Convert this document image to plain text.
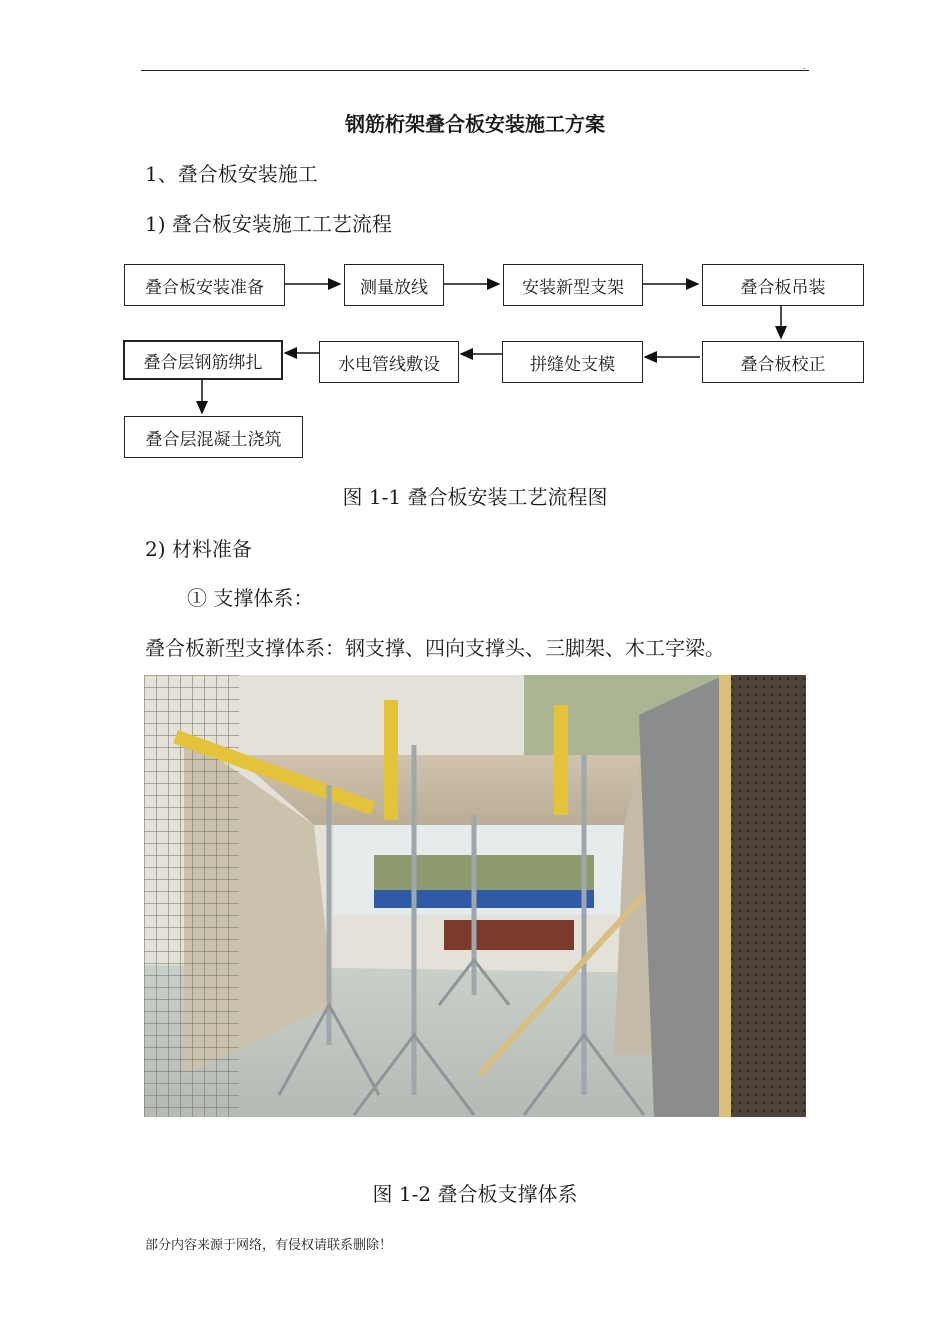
.
钢筋桁架叠合板安装施工方案
1、叠合板安装施工
1) 叠合板安装施工工艺流程
叠合板安装准备	测量放线	安装新型支架	叠合板吊装
叠合板校正
拼缝处支模
水电管线敷设
叠合层钢筋绑扎
叠合层混凝土浇筑
图 1-1 叠合板安装工艺流程图
2) 材料准备
① 支撑体系：
叠合板新型支撑体系：钢支撑、四向支撑头、三脚架、木工字梁。
图 1-2 叠合板支撑体系
部分内容来源于网络，有侵权请联系删除！
